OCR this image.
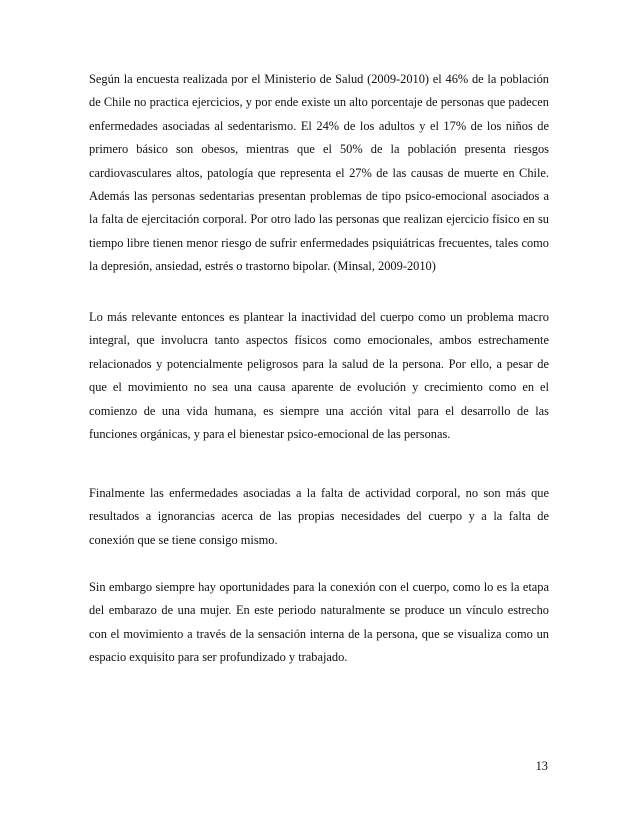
Según la encuesta realizada por el Ministerio de Salud (2009-2010) el 46% de la población de Chile no practica ejercicios, y por ende existe un alto porcentaje de personas que padecen enfermedades asociadas al sedentarismo. El 24% de los adultos y el 17% de los niños de primero básico son obesos, mientras que el 50% de la población presenta riesgos cardiovasculares altos, patología que representa el 27% de las causas de muerte en Chile. Además las personas sedentarias presentan problemas de tipo psico-emocional asociados a la falta de ejercitación corporal. Por otro lado las personas que realizan ejercicio físico en su tiempo libre tienen menor riesgo de sufrir enfermedades psiquiátricas frecuentes, tales como la depresión, ansiedad, estrés o trastorno bipolar. (Minsal, 2009-2010)

Lo más relevante entonces es plantear la inactividad del cuerpo como un problema macro integral, que involucra tanto aspectos físicos como emocionales, ambos estrechamente relacionados y potencialmente peligrosos para la salud de la persona. Por ello, a pesar de que el movimiento no sea una causa aparente de evolución y crecimiento como en el comienzo de una vida humana, es siempre una acción vital para el desarrollo de las funciones orgánicas, y para el bienestar psico-emocional de las personas.

Finalmente las enfermedades asociadas a la falta de actividad corporal, no son más que resultados a ignorancias acerca de las propias necesidades del cuerpo y a la falta de conexión que se tiene consigo mismo.

Sin embargo siempre hay oportunidades para la conexión con el cuerpo, como lo es la etapa del embarazo de una mujer. En este periodo naturalmente se produce un vínculo estrecho con el movimiento a través de la sensación interna de la persona, que se visualiza como un espacio exquisito para ser profundizado y trabajado.

13
